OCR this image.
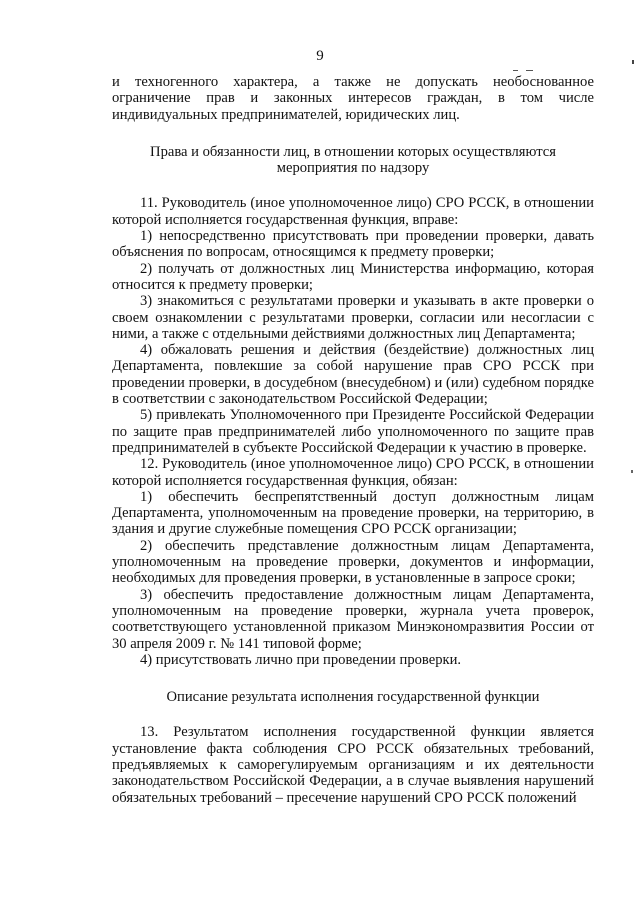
9

и техногенного характера, а также не допускать необоснованное ограничение прав и законных интересов граждан, в том числе индивидуальных предпринимателей, юридических лиц.

Права и обязанности лиц, в отношении которых осуществляются мероприятия по надзору

11. Руководитель (иное уполномоченное лицо) СРО РССК, в отношении которой исполняется государственная функция, вправе:

1) непосредственно присутствовать при проведении проверки, давать объяснения по вопросам, относящимся к предмету проверки;

2) получать от должностных лиц Министерства информацию, которая относится к предмету проверки;

3) знакомиться с результатами проверки и указывать в акте проверки о своем ознакомлении с результатами проверки, согласии или несогласии с ними, а также с отдельными действиями должностных лиц Департамента;

4) обжаловать решения и действия (бездействие) должностных лиц Департамента, повлекшие за собой нарушение прав СРО РССК при проведении проверки, в досудебном (внесудебном) и (или) судебном порядке в соответствии с законодательством Российской Федерации;

5) привлекать Уполномоченного при Президенте Российской Федерации по защите прав предпринимателей либо уполномоченного по защите прав предпринимателей в субъекте Российской Федерации к участию в проверке.

12. Руководитель (иное уполномоченное лицо) СРО РССК, в отношении которой исполняется государственная функция, обязан:

1) обеспечить беспрепятственный доступ должностным лицам Департамента, уполномоченным на проведение проверки, на территорию, в здания и другие служебные помещения СРО РССК организации;

2) обеспечить представление должностным лицам Департамента, уполномоченным на проведение проверки, документов и информации, необходимых для проведения проверки, в установленные в запросе сроки;

3) обеспечить предоставление должностным лицам Департамента, уполномоченным на проведение проверки, журнала учета проверок, соответствующего установленной приказом Минэкономразвития России от 30 апреля 2009 г. № 141 типовой форме;

4) присутствовать лично при проведении проверки.

Описание результата исполнения государственной функции

13. Результатом исполнения государственной функции является установление факта соблюдения СРО РССК обязательных требований, предъявляемых к саморегулируемым организациям и их деятельности законодательством Российской Федерации, а в случае выявления нарушений обязательных требований – пресечение нарушений СРО РССК положений
